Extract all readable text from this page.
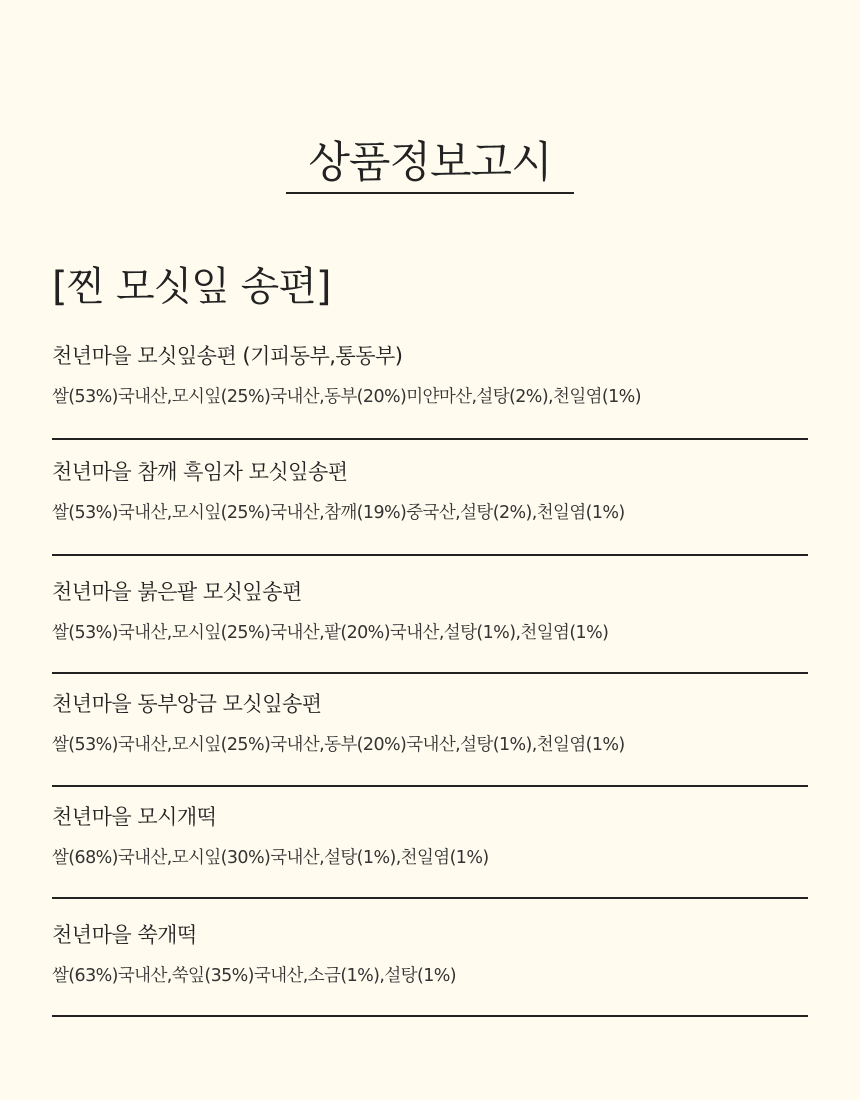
상품정보고시
[찐 모싯잎 송편]
천년마을 모싯잎송편 (기피동부,통동부)
쌀(53%)국내산,모시잎(25%)국내산,동부(20%)미얀마산,설탕(2%),천일염(1%)
천년마을 참깨 흑임자 모싯잎송편
쌀(53%)국내산,모시잎(25%)국내산,참깨(19%)중국산,설탕(2%),천일염(1%)
천년마을 붉은팥 모싯잎송편
쌀(53%)국내산,모시잎(25%)국내산,팥(20%)국내산,설탕(1%),천일염(1%)
천년마을 동부앙금 모싯잎송편
쌀(53%)국내산,모시잎(25%)국내산,동부(20%)국내산,설탕(1%),천일염(1%)
천년마을 모시개떡
쌀(68%)국내산,모시잎(30%)국내산,설탕(1%),천일염(1%)
천년마을 쑥개떡
쌀(63%)국내산,쑥잎(35%)국내산,소금(1%),설탕(1%)
